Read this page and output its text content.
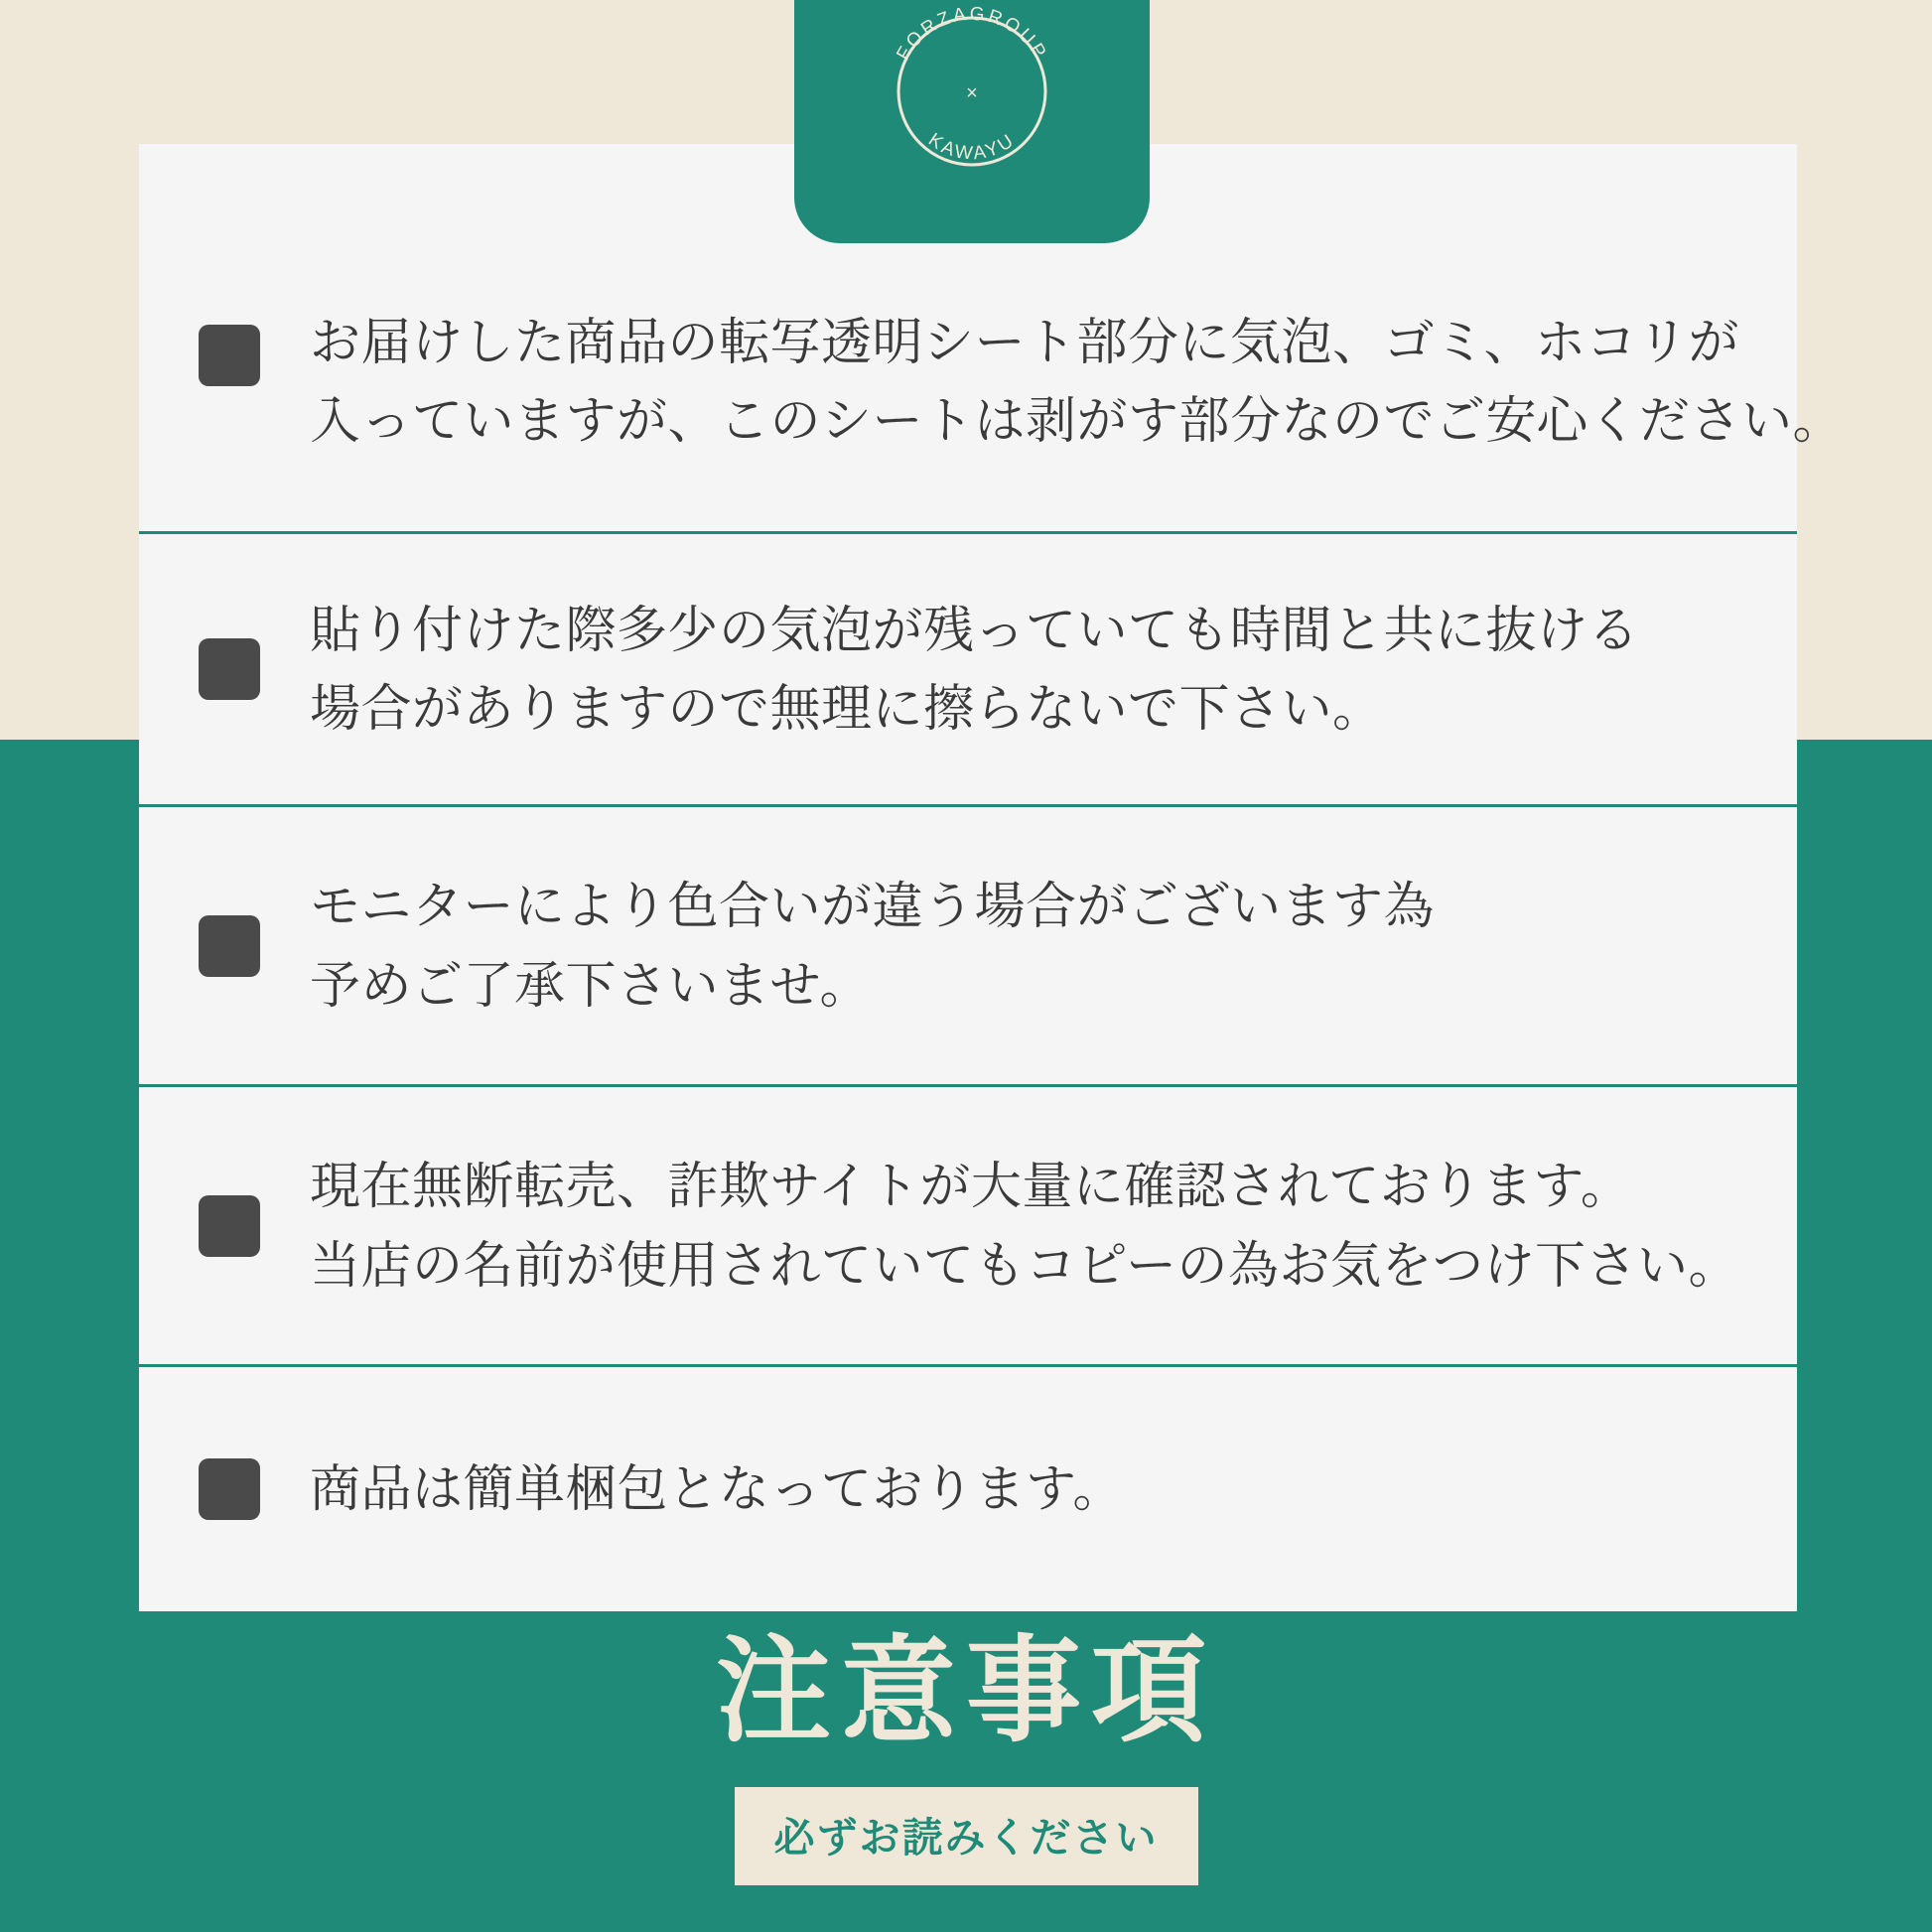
FORZAGROUP
KAWAYU
×
お届けした商品の転写透明シート部分に気泡、ゴミ、ホコリが
入っていますが、このシートは剥がす部分なのでご安心ください。
貼り付けた際多少の気泡が残っていても時間と共に抜ける
場合がありますので無理に擦らないで下さい。
モニターにより色合いが違う場合がございます為
予めご了承下さいませ。
現在無断転売、詐欺サイトが大量に確認されております。
当店の名前が使用されていてもコピーの為お気をつけ下さい。
商品は簡単梱包となっております。
注意事項
必ずお読みください
